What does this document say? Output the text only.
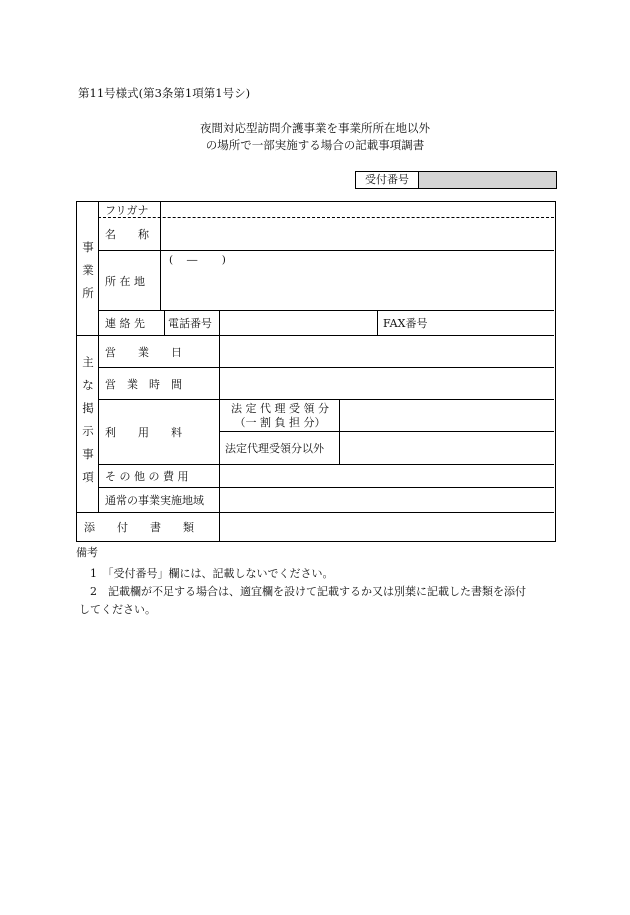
第11号様式(第3条第1項第1号シ)
夜間対応型訪問介護事業を事業所所在地以外
の場所で一部実施する場合の記載事項調書
受付番号
事
業
所
フリガナ
名　　称
所 在 地
(　 ―　　 )
連 絡 先 電話番号	FAX番号
主
な
掲
示
事
項
営　　業　　日
営　業　時　間
利　　用　　料
法 定 代 理 受 領 分
（一 割 負 担 分）
法定代理受領分以外
そ の 他 の 費 用
通常の事業実施地域
添　　付　　書　　類
備考
1　「受付番号」欄には、記載しないでください。
2　記載欄が不足する場合は、適宜欄を設けて記載するか又は別葉に記載した書類を添付
してください。
